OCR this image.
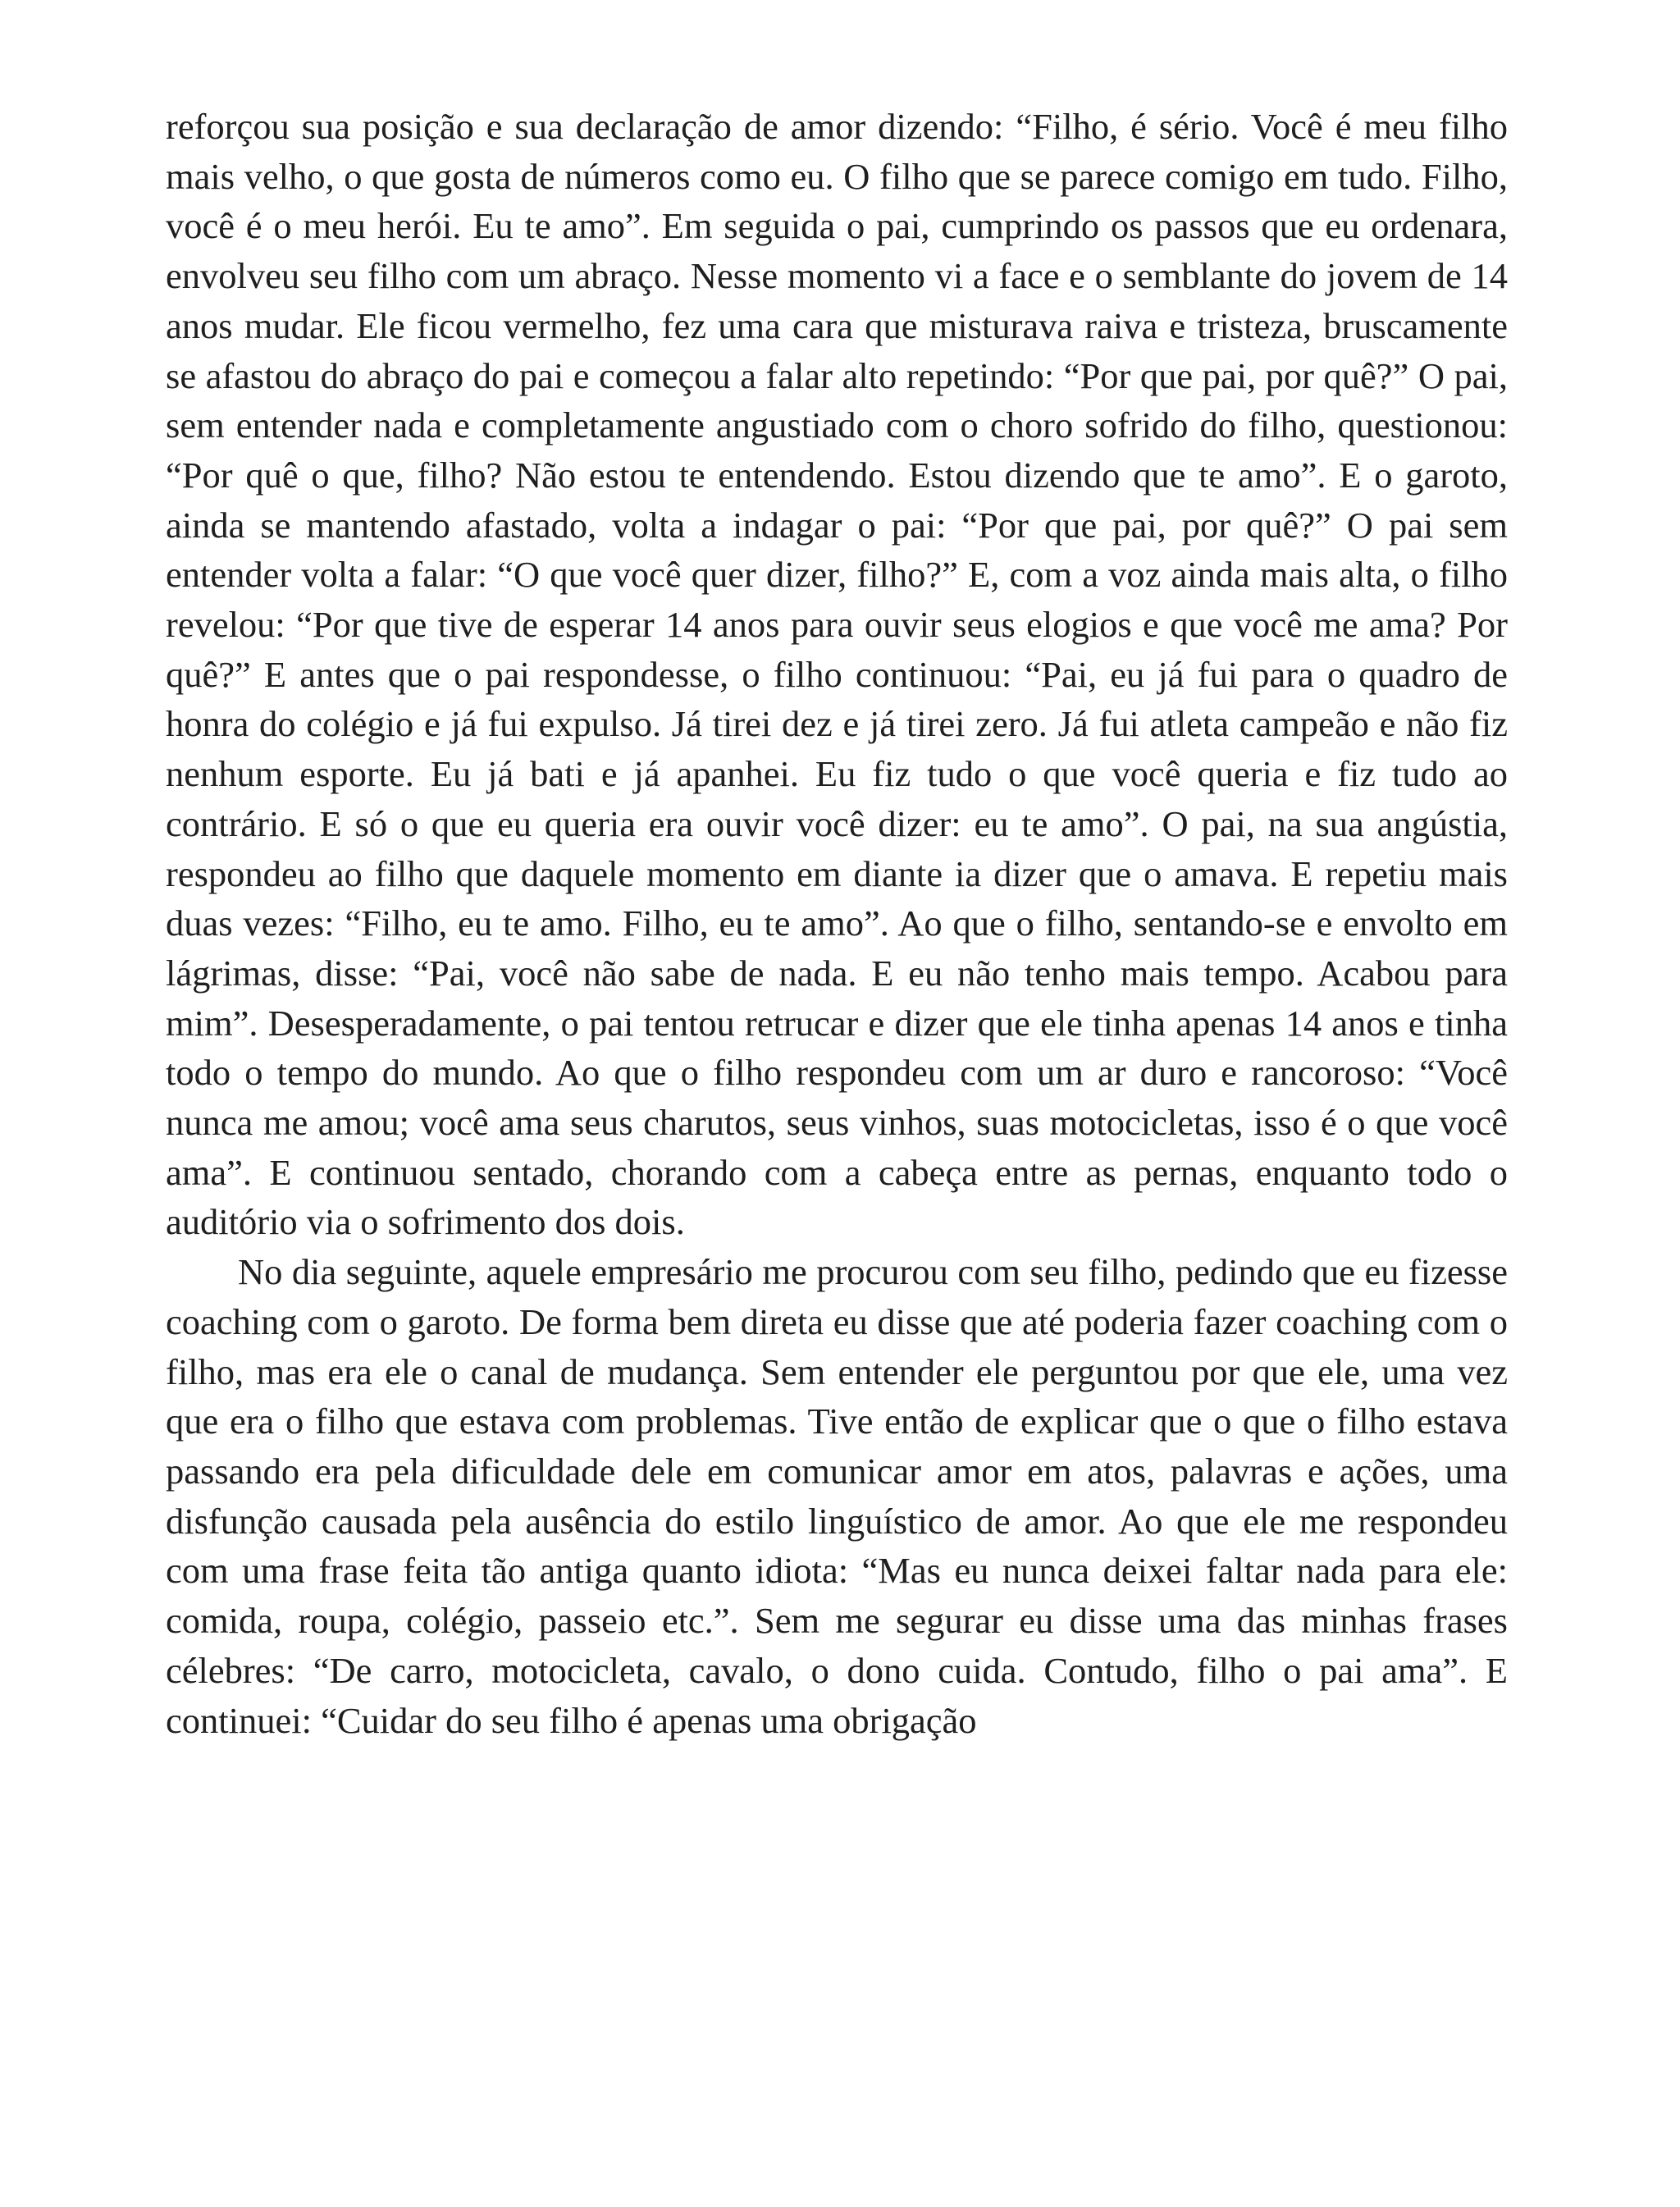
reforçou sua posição e sua declaração de amor dizendo: “Filho, é sério. Você é meu filho mais velho, o que gosta de números como eu. O filho que se parece comigo em tudo. Filho, você é o meu herói. Eu te amo”. Em seguida o pai, cumprindo os passos que eu ordenara, envolveu seu filho com um abraço. Nesse momento vi a face e o semblante do jovem de 14 anos mudar. Ele ficou vermelho, fez uma cara que misturava raiva e tristeza, bruscamente se afastou do abraço do pai e começou a falar alto repetindo: “Por que pai, por quê?” O pai, sem entender nada e completamente angustiado com o choro sofrido do filho, questionou: “Por quê o que, filho? Não estou te entendendo. Estou dizendo que te amo”. E o garoto, ainda se mantendo afastado, volta a indagar o pai: “Por que pai, por quê?” O pai sem entender volta a falar: “O que você quer dizer, filho?” E, com a voz ainda mais alta, o filho revelou: “Por que tive de esperar 14 anos para ouvir seus elogios e que você me ama? Por quê?” E antes que o pai respondesse, o filho continuou: “Pai, eu já fui para o quadro de honra do colégio e já fui expulso. Já tirei dez e já tirei zero. Já fui atleta campeão e não fiz nenhum esporte. Eu já bati e já apanhei. Eu fiz tudo o que você queria e fiz tudo ao contrário. E só o que eu queria era ouvir você dizer: eu te amo”. O pai, na sua angústia, respondeu ao filho que daquele momento em diante ia dizer que o amava. E repetiu mais duas vezes: “Filho, eu te amo. Filho, eu te amo”. Ao que o filho, sentando-se e envolto em lágrimas, disse: “Pai, você não sabe de nada. E eu não tenho mais tempo. Acabou para mim”. Desesperadamente, o pai tentou retrucar e dizer que ele tinha apenas 14 anos e tinha todo o tempo do mundo. Ao que o filho respondeu com um ar duro e rancoroso: “Você nunca me amou; você ama seus charutos, seus vinhos, suas motocicletas, isso é o que você ama”. E continuou sentado, chorando com a cabeça entre as pernas, enquanto todo o auditório via o sofrimento dos dois.

No dia seguinte, aquele empresário me procurou com seu filho, pedindo que eu fizesse coaching com o garoto. De forma bem direta eu disse que até poderia fazer coaching com o filho, mas era ele o canal de mudança. Sem entender ele perguntou por que ele, uma vez que era o filho que estava com problemas. Tive então de explicar que o que o filho estava passando era pela dificuldade dele em comunicar amor em atos, palavras e ações, uma disfunção causada pela ausência do estilo linguístico de amor. Ao que ele me respondeu com uma frase feita tão antiga quanto idiota: “Mas eu nunca deixei faltar nada para ele: comida, roupa, colégio, passeio etc.”. Sem me segurar eu disse uma das minhas frases célebres: “De carro, motocicleta, cavalo, o dono cuida. Contudo, filho o pai ama”. E continuei: “Cuidar do seu filho é apenas uma obrigação
